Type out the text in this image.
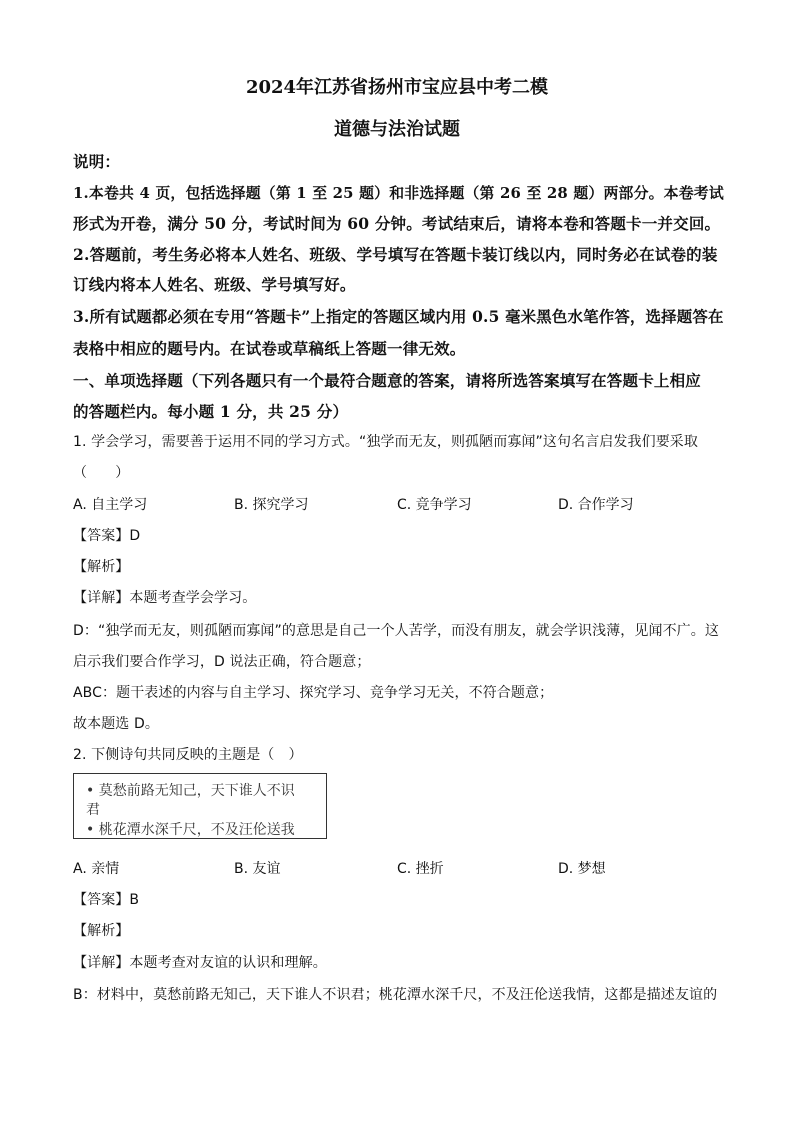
2024年江苏省扬州市宝应县中考二模
道德与法治试题
说明：
1.本卷共 4 页，包括选择题（第 1 至 25 题）和非选择题（第 26 至 28 题）两部分。本卷考试
形式为开卷，满分 50 分，考试时间为 60 分钟。考试结束后，请将本卷和答题卡一并交回。
2.答题前，考生务必将本人姓名、班级、学号填写在答题卡装订线以内，同时务必在试卷的装
订线内将本人姓名、班级、学号填写好。
3.所有试题都必须在专用“答题卡”上指定的答题区域内用 0.5 毫米黑色水笔作答，选择题答在
表格中相应的题号内。在试卷或草稿纸上答题一律无效。
一、单项选择题（下列各题只有一个最符合题意的答案，请将所选答案填写在答题卡上相应
的答题栏内。每小题 1 分，共 25 分）
1. 学会学习，需要善于运用不同的学习方式。“独学而无友，则孤陋而寡闻”这句名言启发我们要采取
（　　）
A. 自主学习	B. 探究学习	C. 竞争学习	D. 合作学习
【答案】D
【解析】
【详解】本题考查学会学习。
D：“独学而无友，则孤陋而寡闻”的意思是自己一个人苦学，而没有朋友，就会学识浅薄，见闻不广。这
启示我们要合作学习，D 说法正确，符合题意；
ABC：题干表述的内容与自主学习、探究学习、竞争学习无关，不符合题意；
故本题选 D。
2. 下侧诗句共同反映的主题是（　）
• 莫愁前路无知己，天下谁人不识
君
• 桃花潭水深千尺，不及汪伦送我
A. 亲情	B. 友谊	C. 挫折	D. 梦想
【答案】B
【解析】
【详解】本题考查对友谊的认识和理解。
B：材料中，莫愁前路无知己，天下谁人不识君；桃花潭水深千尺，不及汪伦送我情，这都是描述友谊的
